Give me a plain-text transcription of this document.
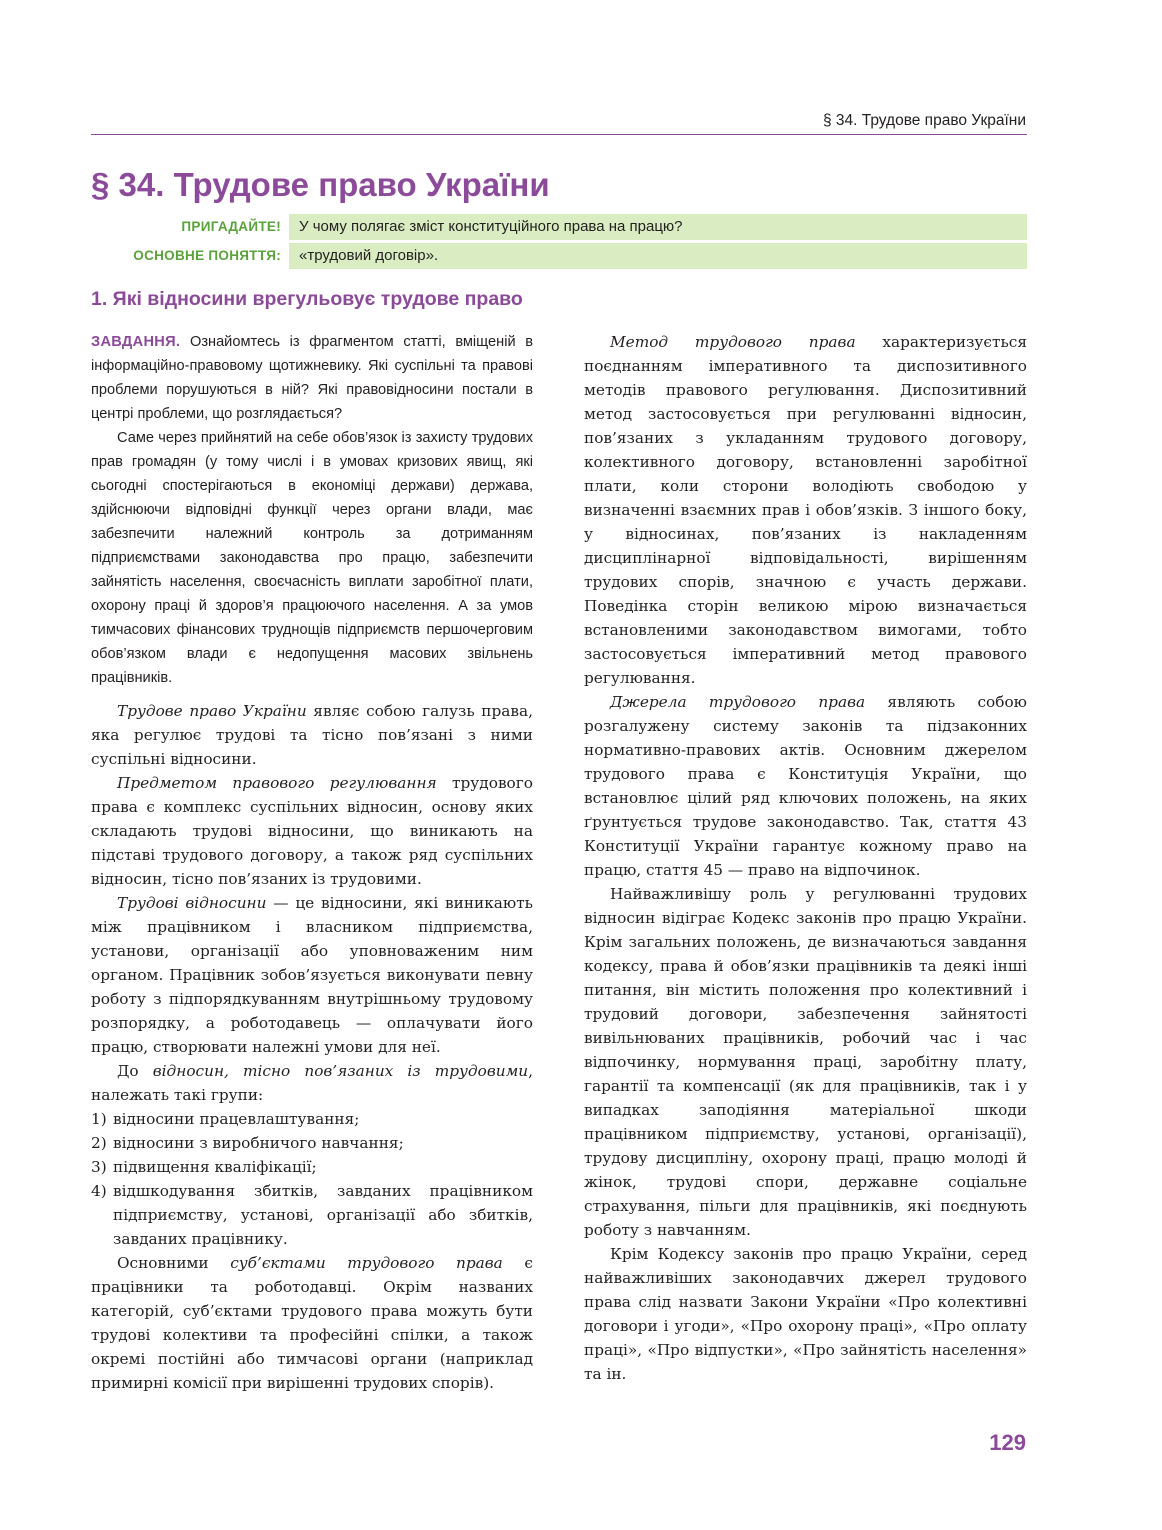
§ 34. Трудове право України
§ 34. Трудове право України
ПРИГАДАЙТЕ!	У чому полягає зміст конституційного права на працю?
ОСНОВНЕ ПОНЯТТЯ:	«трудовий договір».
1. Які відносини врегульовує трудове право

ЗАВДАННЯ. Ознайомтесь із фрагментом статті, вміщеній в інформаційно-правовому щотижневику. Які суспільні та правові проблеми порушуються в ній? Які правовідносини постали в центрі проблеми, що розглядається?

Саме через прийнятий на себе обов’язок із захисту трудових прав громадян (у тому числі і в умовах кризових явищ, які сьогодні спостерігаються в економіці держави) держава, здійснюючи відповідні функції через органи влади, має забезпечити належний контроль за дотриманням підприємствами законодавства про працю, забезпечити зайнятість населення, своєчасність виплати заробітної плати, охорону праці й здоров’я працюючого населення. А за умов тимчасових фінансових труднощів підприємств першочерговим обов’язком влади є недопущення масових звільнень працівників.

Трудове право України являє собою галузь права, яка регулює трудові та тісно пов’язані з ними суспільні відносини.

Предметом правового регулювання трудового права є комплекс суспільних відносин, основу яких складають трудові відносини, що виникають на підставі трудового договору, а також ряд суспільних відносин, тісно пов’язаних із трудовими.

Трудові відносини — це відносини, які виникають між працівником і власником підприємства, установи, організації або уповноваженим ним органом. Працівник зобов’язується виконувати певну роботу з підпорядкуванням внутрішньому трудовому розпорядку, а роботодавець — оплачувати його працю, створювати належні умови для неї.

До відносин, тісно пов’язаних із трудовими, належать такі групи:

1) відносини працевлаштування;

2) відносини з виробничого навчання;

3) підвищення кваліфікації;

4) відшкодування збитків, завданих працівником підприємству, установі, організації або збитків, завданих працівнику.

Основними суб’єктами трудового права є працівники та роботодавці. Окрім названих категорій, суб’єктами трудового права можуть бути трудові колективи та професійні спілки, а також окремі постійні або тимчасові органи (наприклад примирні комісії при вирішенні трудових спорів).

Метод трудового права характеризується поєднанням імперативного та диспозитивного методів правового регулювання. Диспозитивний метод застосовується при регулюванні відносин, пов’язаних з укладанням трудового договору, колективного договору, встановленні заробітної плати, коли сторони володіють свободою у визначенні взаємних прав і обов’язків. З іншого боку, у відносинах, пов’язаних із накладенням дисциплінарної відповідальності, вирішенням трудових спорів, значною є участь держави. Поведінка сторін великою мірою визначається встановленими законодавством вимогами, тобто застосовується імперативний метод правового регулювання.

Джерела трудового права являють собою розгалужену систему законів та підзаконних нормативно-правових актів. Основним джерелом трудового права є Конституція України, що встановлює цілий ряд ключових положень, на яких ґрунтується трудове законодавство. Так, стаття 43 Конституції України гарантує кожному право на працю, стаття 45 — право на відпочинок.

Найважливішу роль у регулюванні трудових відносин відіграє Кодекс законів про працю України. Крім загальних положень, де визначаються завдання кодексу, права й обов’язки працівників та деякі інші питання, він містить положення про колективний і трудовий договори, забезпечення зайнятості вивільнюваних працівників, робочий час і час відпочинку, нормування праці, заробітну плату, гарантії та компенсації (як для працівників, так і у випадках заподіяння матеріальної шкоди працівником підприємству, установі, організації), трудову дисципліну, охорону праці, працю молоді й жінок, трудові спори, державне соціальне страхування, пільги для працівників, які поєднують роботу з навчанням.

Крім Кодексу законів про працю України, серед найважливіших законодавчих джерел трудового права слід назвати Закони України «Про колективні договори і угоди», «Про охорону праці», «Про оплату праці», «Про відпустки», «Про зайнятість населення» та ін.

129
